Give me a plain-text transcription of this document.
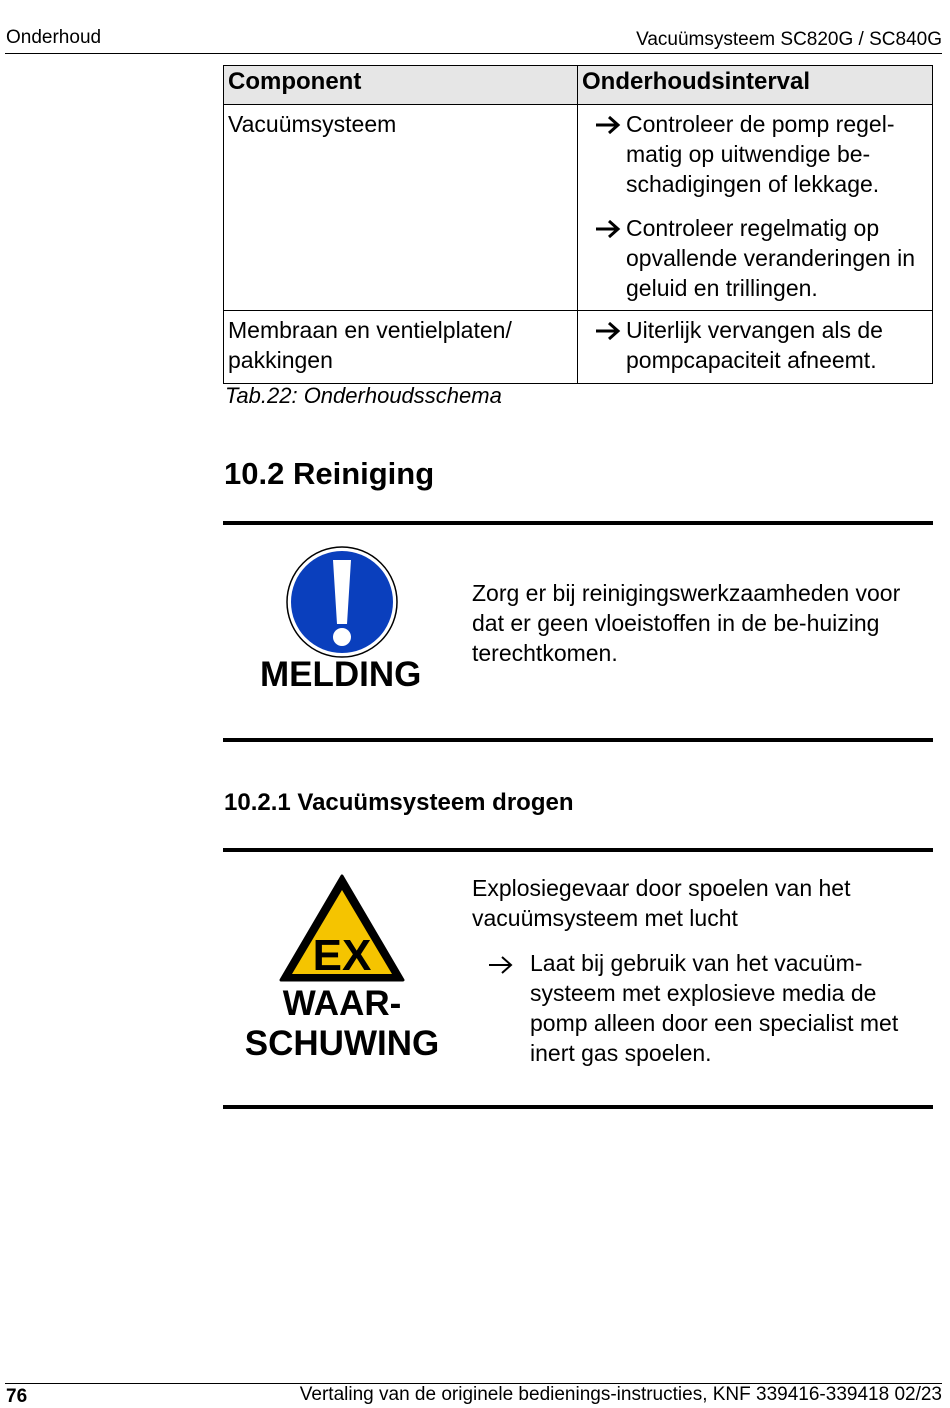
Onderhoud	Vacuümsysteem SC820G / SC840G
Component	Onderhoudsinterval
Vacuümsysteem	Controleer de pomp regel-matig op uitwendige be-schadigingen of lekkage.
Controleer regelmatig op opvallende veranderingen in geluid en trillingen.

Membraan en ventielplaten/ pakkingen	Uiterlijk vervangen als de pompcapaciteit afneemt.
Tab.22: Onderhoudsschema
10.2 Reiniging
MELDING
Zorg er bij reinigingswerkzaamheden voor dat er geen vloeistoffen in de be-huizing terechtkomen.
10.2.1 Vacuümsysteem drogen
EX
WAAR-
SCHUWING
Explosiegevaar door spoelen van het vacuümsysteem met lucht
Laat bij gebruik van het vacuüm-systeem met explosieve media de pomp alleen door een specialist met inert gas spoelen.
76	Vertaling van de originele bedienings-instructies, KNF 339416-339418 02/23
